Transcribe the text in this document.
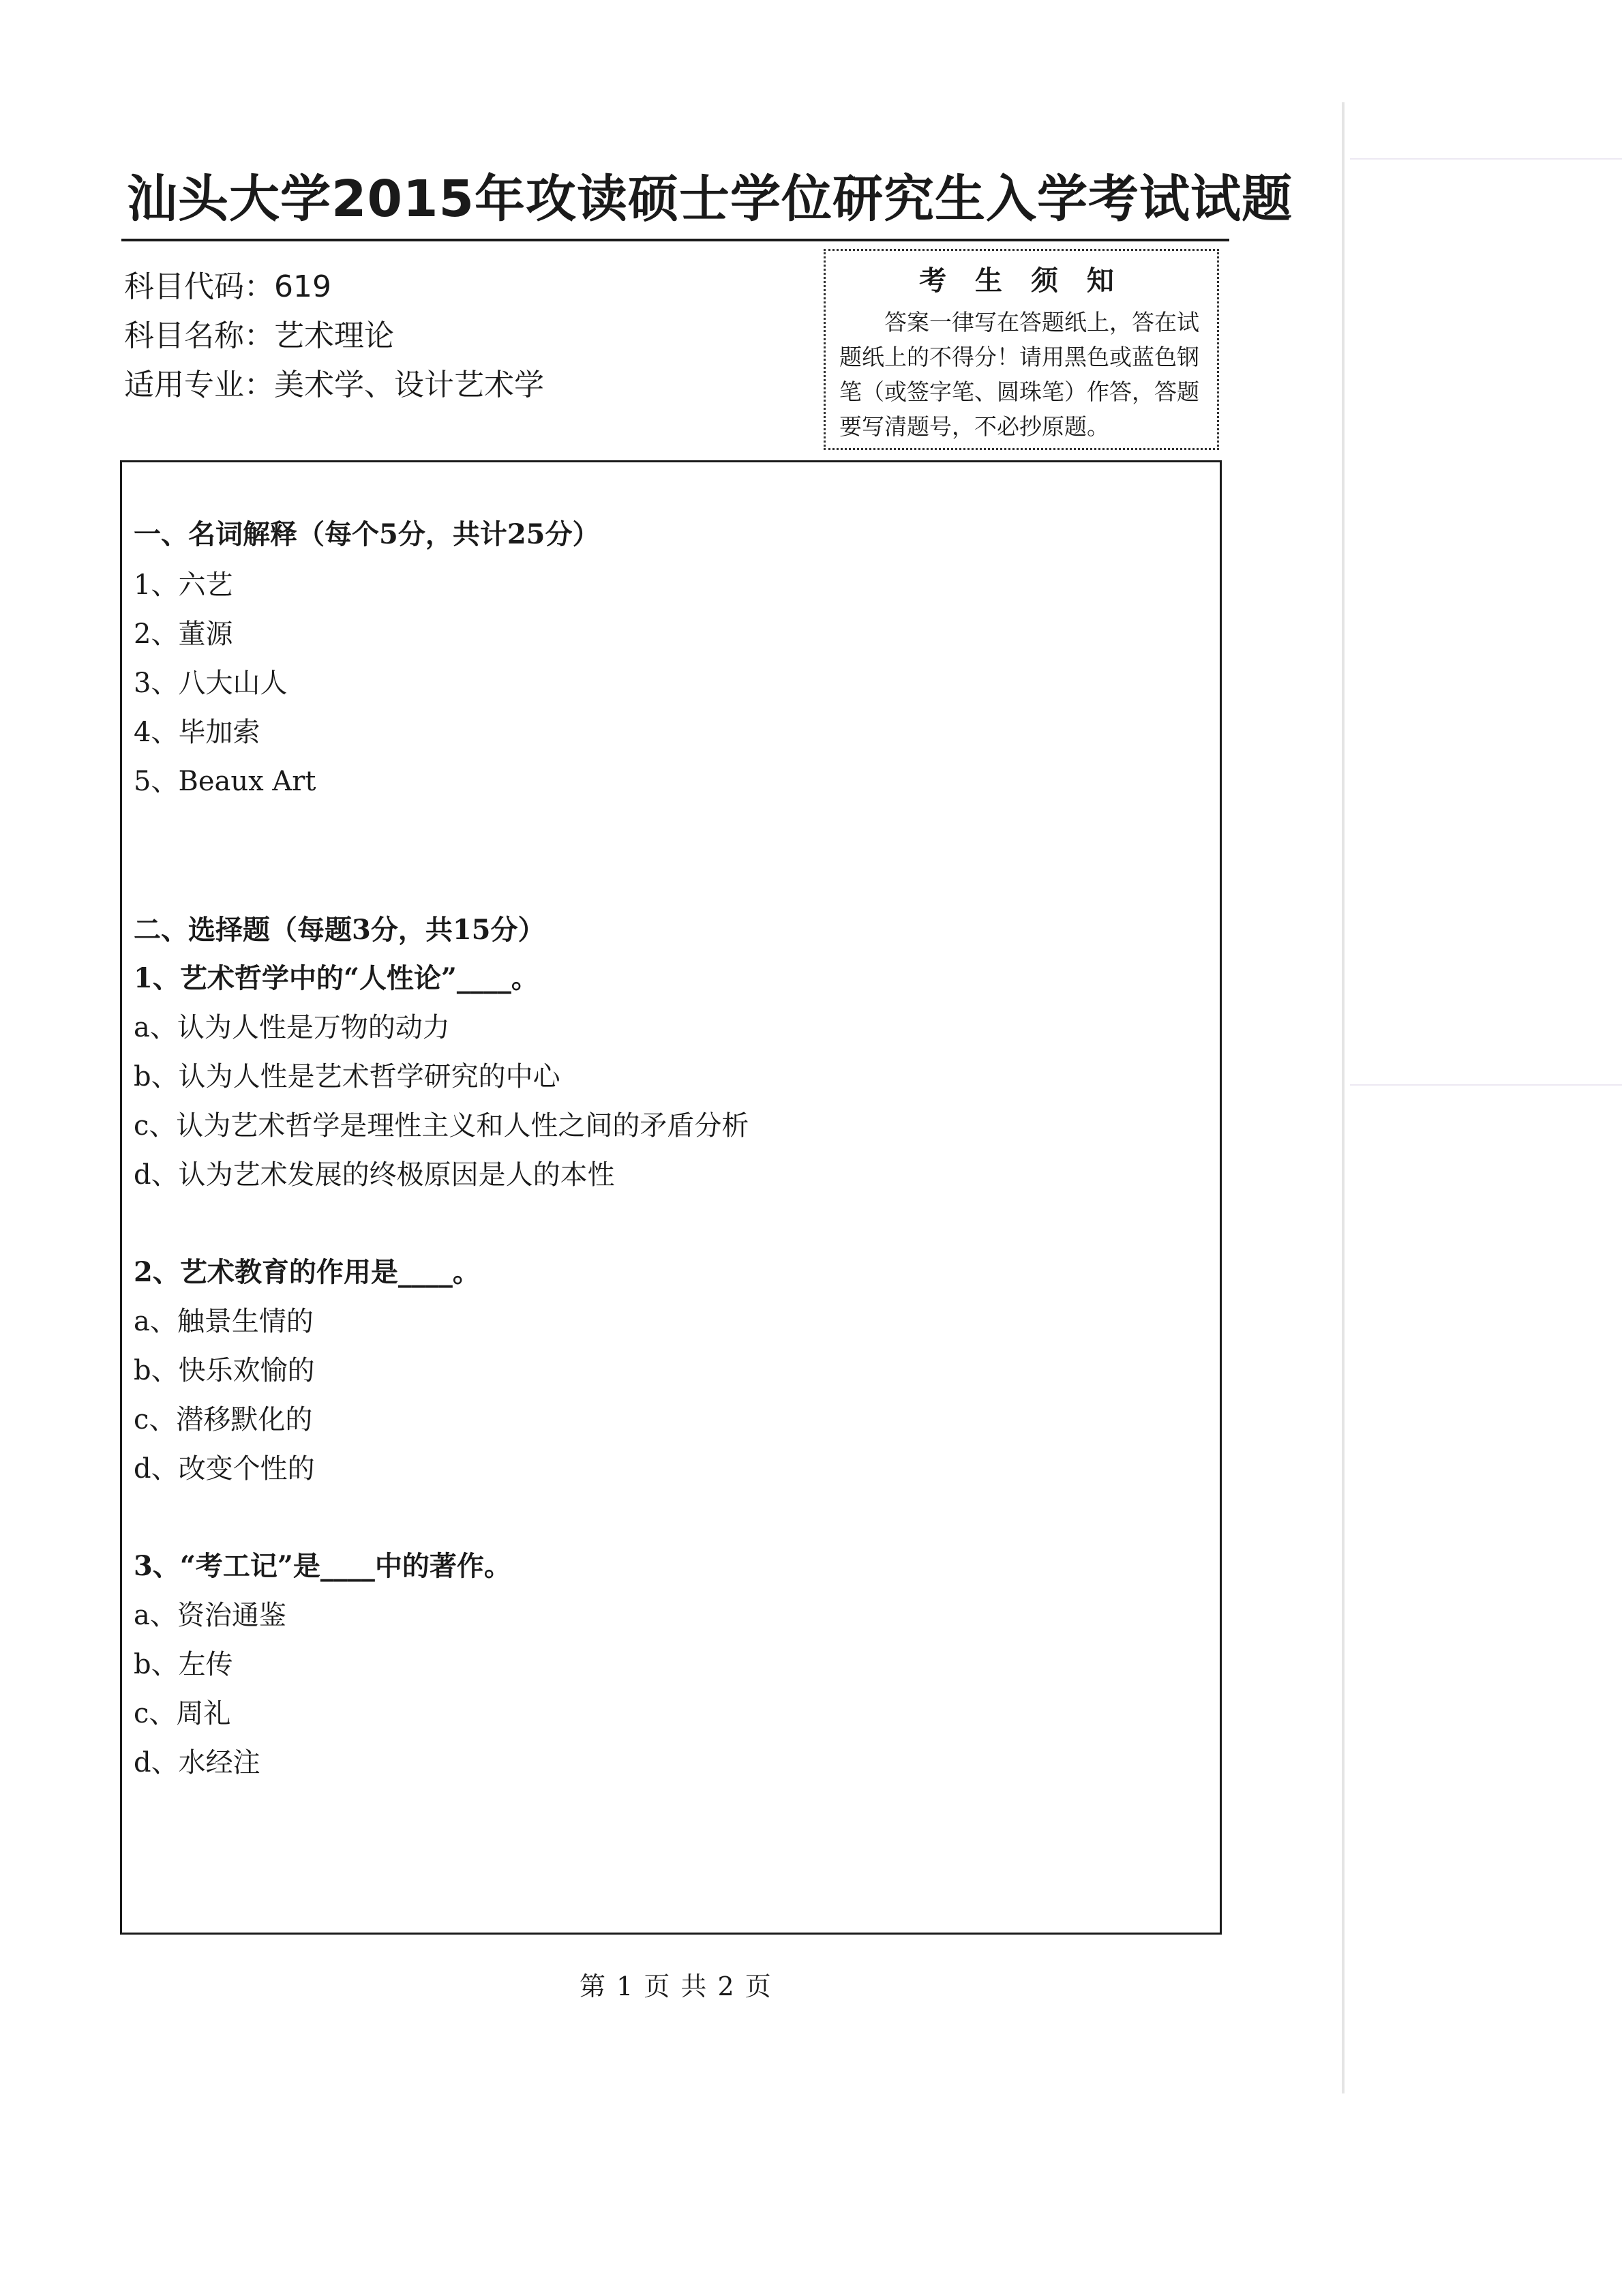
汕头大学2015年攻读硕士学位研究生入学考试试题
科目代码：619
科目名称：艺术理论
适用专业：美术学、设计艺术学
考 生 须 知
答案一律写在答题纸上，答在试题纸上的不得分！请用黑色或蓝色钢笔（或签字笔、圆珠笔）作答，答题要写清题号，不必抄原题。
一、名词解释（每个5分，共计25分）
1、六艺
2、董源
3、八大山人
4、毕加索
5、Beaux Art
二、选择题（每题3分，共15分）
1、艺术哲学中的“人性论”____。
a、认为人性是万物的动力
b、认为人性是艺术哲学研究的中心
c、认为艺术哲学是理性主义和人性之间的矛盾分析
d、认为艺术发展的终极原因是人的本性
2、艺术教育的作用是____。
a、触景生情的
b、快乐欢愉的
c、潜移默化的
d、改变个性的
3、“考工记”是____中的著作。
a、资治通鉴
b、左传
c、周礼
d、水经注
第 1 页 共 2 页
